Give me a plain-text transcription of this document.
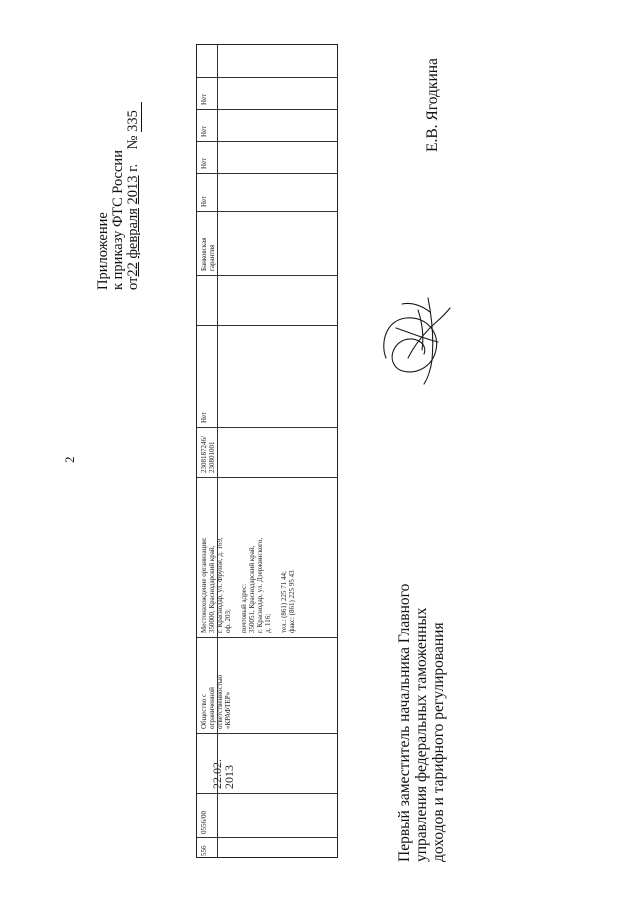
2
Приложение к приказу ФТС России от22 февраля 2013 г.    № 335
556
0556/00
22.02.
2013
Общество с ограниченной ответственностью «КРАФТЕР»
Местонахождение организации: 350000, Краснодарский край, г. Краснодар, ул. Фрунзе, д. 169, оф. 203;
почтовый адрес: 350051, Краснодарский край, г. Краснодар, ул. Дзержинского, д. 116;
тел.: (861) 225 71 44; факс: (861) 225 95 43
2308187246/ 230801001
Нет
Банковская гарантия
Нет
Нет
Нет
Нет
Первый заместитель начальника Главного управления федеральных таможенных доходов и тарифного регулирования
Е.В. Ягодкина
